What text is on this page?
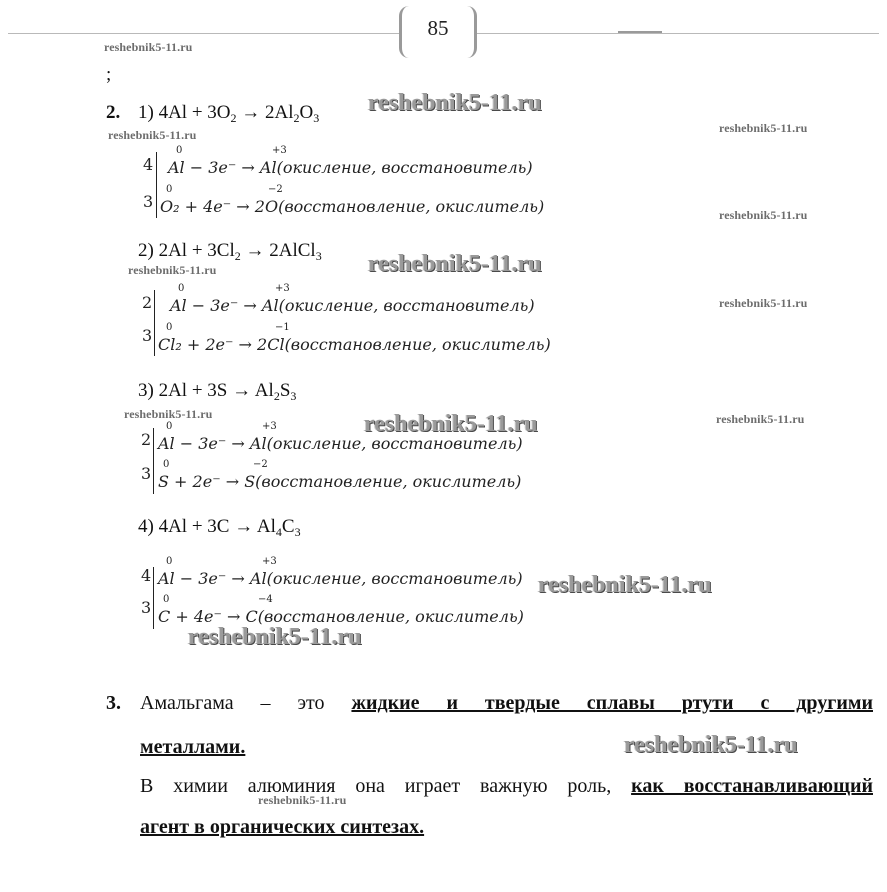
85
reshebnik5-11.ru
reshebnik5-11.ru	reshebnik5-11.ru
reshebnik5-11.ru
reshebnik5-11.ru
reshebnik5-11.ru
reshebnik5-11.ru	reshebnik5-11.ru
reshebnik5-11.ru
reshebnik5-11.ru
reshebnik5-11.ru
reshebnik5-11.ru
reshebnik5-11.ru
reshebnik5-11.ru
reshebnik5-11.ru
;
2. 1) $4Al + 3O_2 \to 2Al_2O_3$
4
3
0	+3
Al − 3e⁻ → Al(окисление, восстановитель)
0	−2
O₂ + 4e⁻ → 2O(восстановление, окислитель)
2) $2Al + 3Cl_2$ → 2AlCl$_3$
2
3
0	+3
Al − 3e⁻ → Al(окисление, восстановитель)
0	−1
Cl₂ + 2e⁻ → 2Cl(восстановление, окислитель)
3) $2Al + 3S \to Al_2S_3$
2
3
0	+3
Al − 3e⁻ → Al(окисление, восстановитель)
0	−2
S + 2e⁻ → S(восстановление, окислитель)
4) $4Al + 3C \to Al_4C_3$
4
3
0	+3
Al − 3e⁻ → Al(окисление, восстановитель)
0	−4
C + 4e⁻ → C(восстановление, окислитель)
3. Амальгама – это жидкие и твердые сплавы ртути с другими
металлами.
В химии алюминия она играет важную роль, как восстанавливающий
агент в органических синтезах.
